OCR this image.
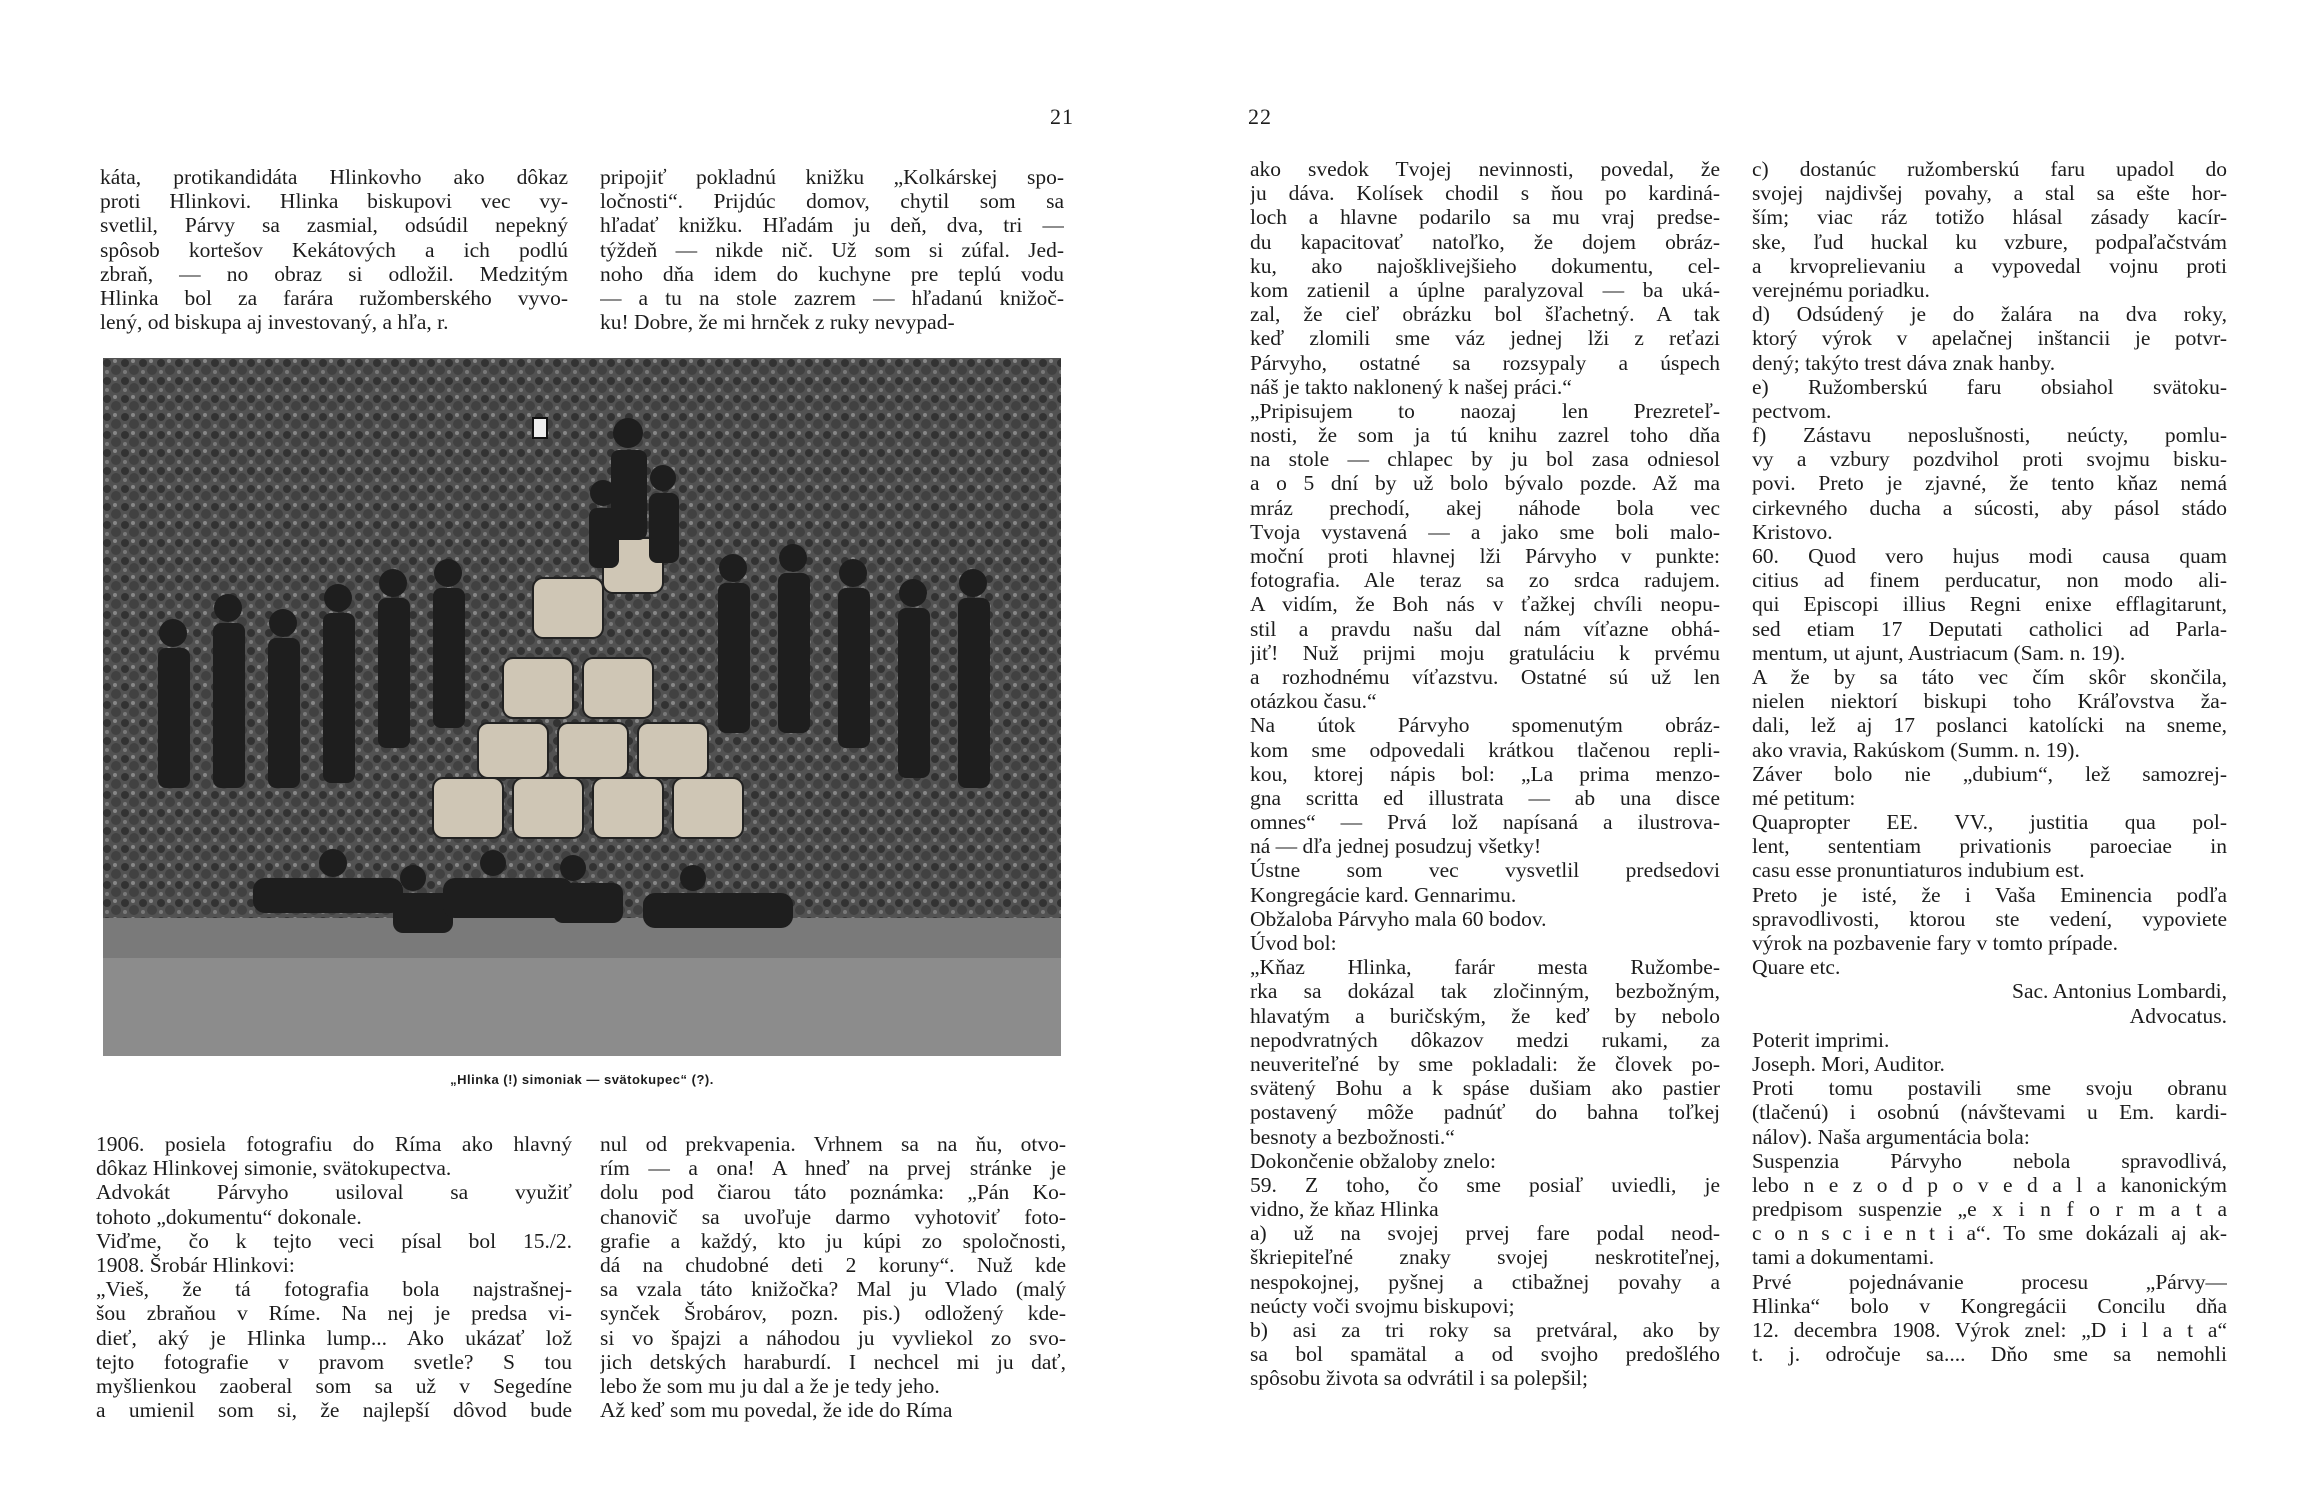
21	22
káta, protikandidáta Hlinkovho ako dôkaz
proti Hlinkovi. Hlinka biskupovi vec vy-
svetlil, Párvy sa zasmial, odsúdil nepekný
spôsob kortešov Kekátových a ich podlú
zbraň, — no obraz si odložil. Medzitým
Hlinka bol za farára ružomberského vyvo-
lený, od biskupa aj investovaný, a hľa, r.
pripojiť pokladnú knižku „Kolkárskej spo-
ločnosti“. Prijdúc domov, chytil som sa
hľadať knižku. Hľadám ju deň, dva, tri —
týždeň — nikde nič. Už som si zúfal. Jed-
noho dňa idem do kuchyne pre teplú vodu
— a tu na stole zazrem — hľadanú knižoč-
ku! Dobre, že mi hrnček z ruky nevypad-
„Hlinka (!) simoniak — svätokupec“ (?).
1906. posiela fotografiu do Ríma ako hlavný
dôkaz Hlinkovej simonie, svätokupectva.
Advokát Párvyho usiloval sa využiť
tohoto „dokumentu“ dokonale.
Viďme, čo k tejto veci písal bol 15./2.
1908. Šrobár Hlinkovi:
„Vieš, že tá fotografia bola najstrašnej-
šou zbraňou v Ríme. Na nej je predsa vi-
dieť, aký je Hlinka lump... Ako ukázať lož
tejto fotografie v pravom svetle? S tou
myšlienkou zaoberal som sa už v Segedíne
a umienil som si, že najlepší dôvod bude
nul od prekvapenia. Vrhnem sa na ňu, otvo-
rím — a ona! A hneď na prvej stránke je
dolu pod čiarou táto poznámka: „Pán Ko-
chanovič sa uvoľuje darmo vyhotoviť foto-
grafie a každý, kto ju kúpi zo spoločnosti,
dá na chudobné deti 2 koruny“. Nuž kde
sa vzala táto knižočka? Mal ju Vlado (malý
synček Šrobárov, pozn. pis.) odložený kde-
si vo špajzi a náhodou ju vyvliekol zo svo-
jich detských haraburdí. I nechcel mi ju dať,
lebo že som mu ju dal a že je tedy jeho.
Až keď som mu povedal, že ide do Ríma
ako svedok Tvojej nevinnosti, povedal, že
ju dáva. Kolísek chodil s ňou po kardiná-
loch a hlavne podarilo sa mu vraj predse-
du kapacitovať natoľko, že dojem obráz-
ku, ako najošklivejšieho dokumentu, cel-
kom zatienil a úplne paralyzoval — ba uká-
zal, že cieľ obrázku bol šľachetný. A tak
keď zlomili sme váz jednej lži z reťazi
Párvyho, ostatné sa rozsypaly a úspech
náš je takto naklonený k našej práci.“
„Pripisujem to naozaj len Prezreteľ-
nosti, že som ja tú knihu zazrel toho dňa
na stole — chlapec by ju bol zasa odniesol
a o 5 dní by už bolo bývalo pozde. Až ma
mráz prechodí, akej náhode bola vec
Tvoja vystavená — a jako sme boli malo-
moční proti hlavnej lži Párvyho v punkte:
fotografia. Ale teraz sa zo srdca radujem.
A vidím, že Boh nás v ťažkej chvíli neopu-
stil a pravdu našu dal nám víťazne obhá-
jiť! Nuž prijmi moju gratuláciu k prvému
a rozhodnému víťazstvu. Ostatné sú už len
otázkou času.“
Na útok Párvyho spomenutým obráz-
kom sme odpovedali krátkou tlačenou repli-
kou, ktorej nápis bol: „La prima menzo-
gna scritta ed illustrata — ab una disce
omnes“ — Prvá lož napísaná a ilustrova-
ná — dľa jednej posudzuj všetky!
Ústne som vec vysvetlil predsedovi
Kongregácie kard. Gennarimu.
Obžaloba Párvyho mala 60 bodov.
Úvod bol:
„Kňaz Hlinka, farár mesta Ružombe-
rka sa dokázal tak zločinným, bezbožným,
hlavatým a buričským, že keď by nebolo
nepodvratných dôkazov medzi rukami, za
neuveriteľné by sme pokladali: že človek po-
svätený Bohu a k spáse dušiam ako pastier
postavený môže padnúť do bahna toľkej
besnoty a bezbožnosti.“
Dokončenie obžaloby znelo:
59. Z toho, čo sme posiaľ uviedli, je
vidno, že kňaz Hlinka
a) už na svojej prvej fare podal neod-
škriepiteľné znaky svojej neskrotiteľnej,
nespokojnej, pyšnej a ctibažnej povahy a
neúcty voči svojmu biskupovi;
b) asi za tri roky sa pretváral, ako by
sa bol spamätal a od svojho predošlého
spôsobu života sa odvrátil i sa polepšil;
c) dostanúc ružomberskú faru upadol do
svojej najdivšej povahy, a stal sa ešte hor-
ším; viac ráz totižo hlásal zásady kacír-
ske, ľud huckal ku vzbure, podpaľačstvám
a krvoprelievaniu a vypovedal vojnu proti
verejnému poriadku.
d) Odsúdený je do žalára na dva roky,
ktorý výrok v apelačnej inštancii je potvr-
dený; takýto trest dáva znak hanby.
e) Ružomberskú faru obsiahol svätoku-
pectvom.
f) Zástavu neposlušnosti, neúcty, pomlu-
vy a vzbury pozdvihol proti svojmu bisku-
povi. Preto je zjavné, že tento kňaz nemá
cirkevného ducha a súcosti, aby pásol stádo
Kristovo.
60. Quod vero hujus modi causa quam
citius ad finem perducatur, non modo ali-
qui Episcopi illius Regni enixe efflagitarunt,
sed etiam 17 Deputati catholici ad Parla-
mentum, ut ajunt, Austriacum (Sam. n. 19).
A že by sa táto vec čím skôr skončila,
nielen niektorí biskupi toho Kráľovstva ža-
dali, lež aj 17 poslanci katolícki na sneme,
ako vravia, Rakúskom (Summ. n. 19).
Záver bolo nie „dubium“, lež samozrej-
mé petitum:
Quapropter EE. VV., justitia qua pol-
lent, sententiam privationis paroeciae in
casu esse pronuntiaturos indubium est.
Preto je isté, že i Vaša Eminencia podľa
spravodlivosti, ktorou ste vedení, vypoviete
výrok na pozbavenie fary v tomto prípade.
Quare etc.
Sac. Antonius Lombardi,
Advocatus.
Poterit imprimi.
Joseph. Mori, Auditor.
Proti tomu postavili sme svoju obranu
(tlačenú) i osobnú (návštevami u Em. kardi-
nálov). Naša argumentácia bola:
Suspenzia Párvyho nebola spravodlivá,
lebo n e z o d p o v e d a l a kanonickým
predpisom suspenzie „e x i n f o r m a t a
c o n s c i e n t i a“. To sme dokázali aj ak-
tami a dokumentami.
Prvé pojednávanie procesu „Párvy—
Hlinka“ bolo v Kongregácii Concilu dňa
12. decembra 1908. Výrok znel: „D i l a t a“
t. j. odročuje sa.... Dňo sme sa nemohli
